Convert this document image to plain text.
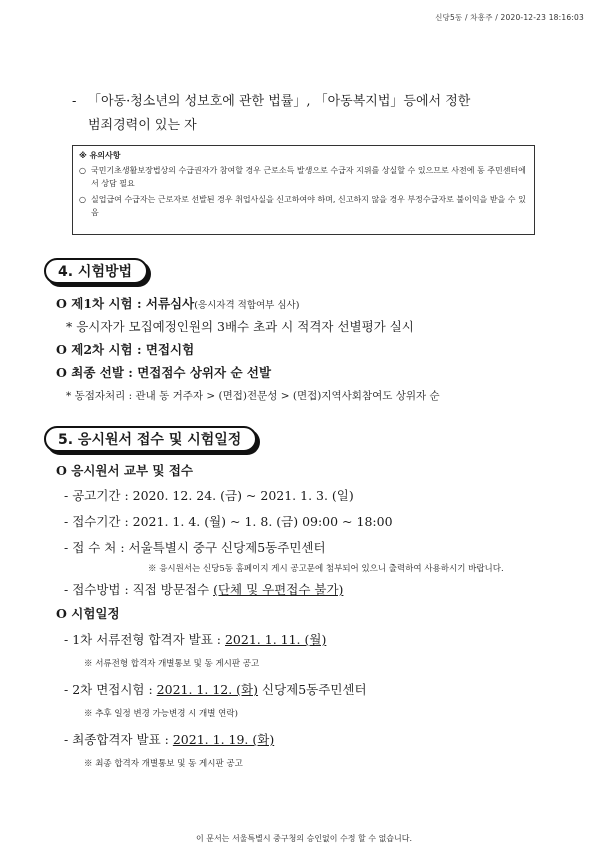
신당5동 / 차흥주 / 2020-12-23 18:16:03
- 「아동·청소년의 성보호에 관한 법률」, 「아동복지법」등에서 정한
범죄경력이 있는 자
※ 유의사항
○ 국민기초생활보장법상의 수급권자가 참여할 경우 근로소득 발생으로 수급자 지위를 상실할 수 있으므로 사전에 동 주민센터에서 상담 필요
○ 실업급여 수급자는 근로자로 선발된 경우 취업사실을 신고하여야 하며, 신고하지 않을 경우 부정수급자로 불이익을 받을 수 있음
4. 시험방법
O 제1차 시험 : 서류심사(응시자격 적합여부 심사)
* 응시자가 모집예정인원의 3배수 초과 시 적격자 선별평가 실시
O 제2차 시험 : 면접시험
O 최종 선발 : 면접점수 상위자 순 선발
* 동점자처리 : 관내 동 거주자 > (면접)전문성 > (면접)지역사회참여도 상위자 순
5. 응시원서 접수 및 시험일정
O 응시원서 교부 및 접수
- 공고기간 : 2020. 12. 24. (금) ~ 2021. 1. 3. (일)
- 접수기간 : 2021. 1. 4. (월) ~ 1. 8. (금) 09:00 ~ 18:00
- 접 수 처 : 서울특별시 중구 신당제5동주민센터
※ 응시원서는 신당5동 홈페이지 게시 공고문에 첨부되어 있으니 출력하여 사용하시기 바랍니다.
- 접수방법 : 직접 방문접수 (단체 및 우편접수 불가)
O 시험일정
- 1차 서류전형 합격자 발표 : 2021. 1. 11. (월)
※ 서류전형 합격자 개별통보 및 동 게시판 공고
- 2차 면접시험 : 2021. 1. 12. (화) 신당제5동주민센터
※ 추후 일정 변경 가능변경 시 개별 연락)
- 최종합격자 발표 : 2021. 1. 19. (화)
※ 최종 합격자 개별통보 및 동 게시판 공고
이 문서는 서울특별시 중구청의 승인없이 수정 할 수 없습니다.
